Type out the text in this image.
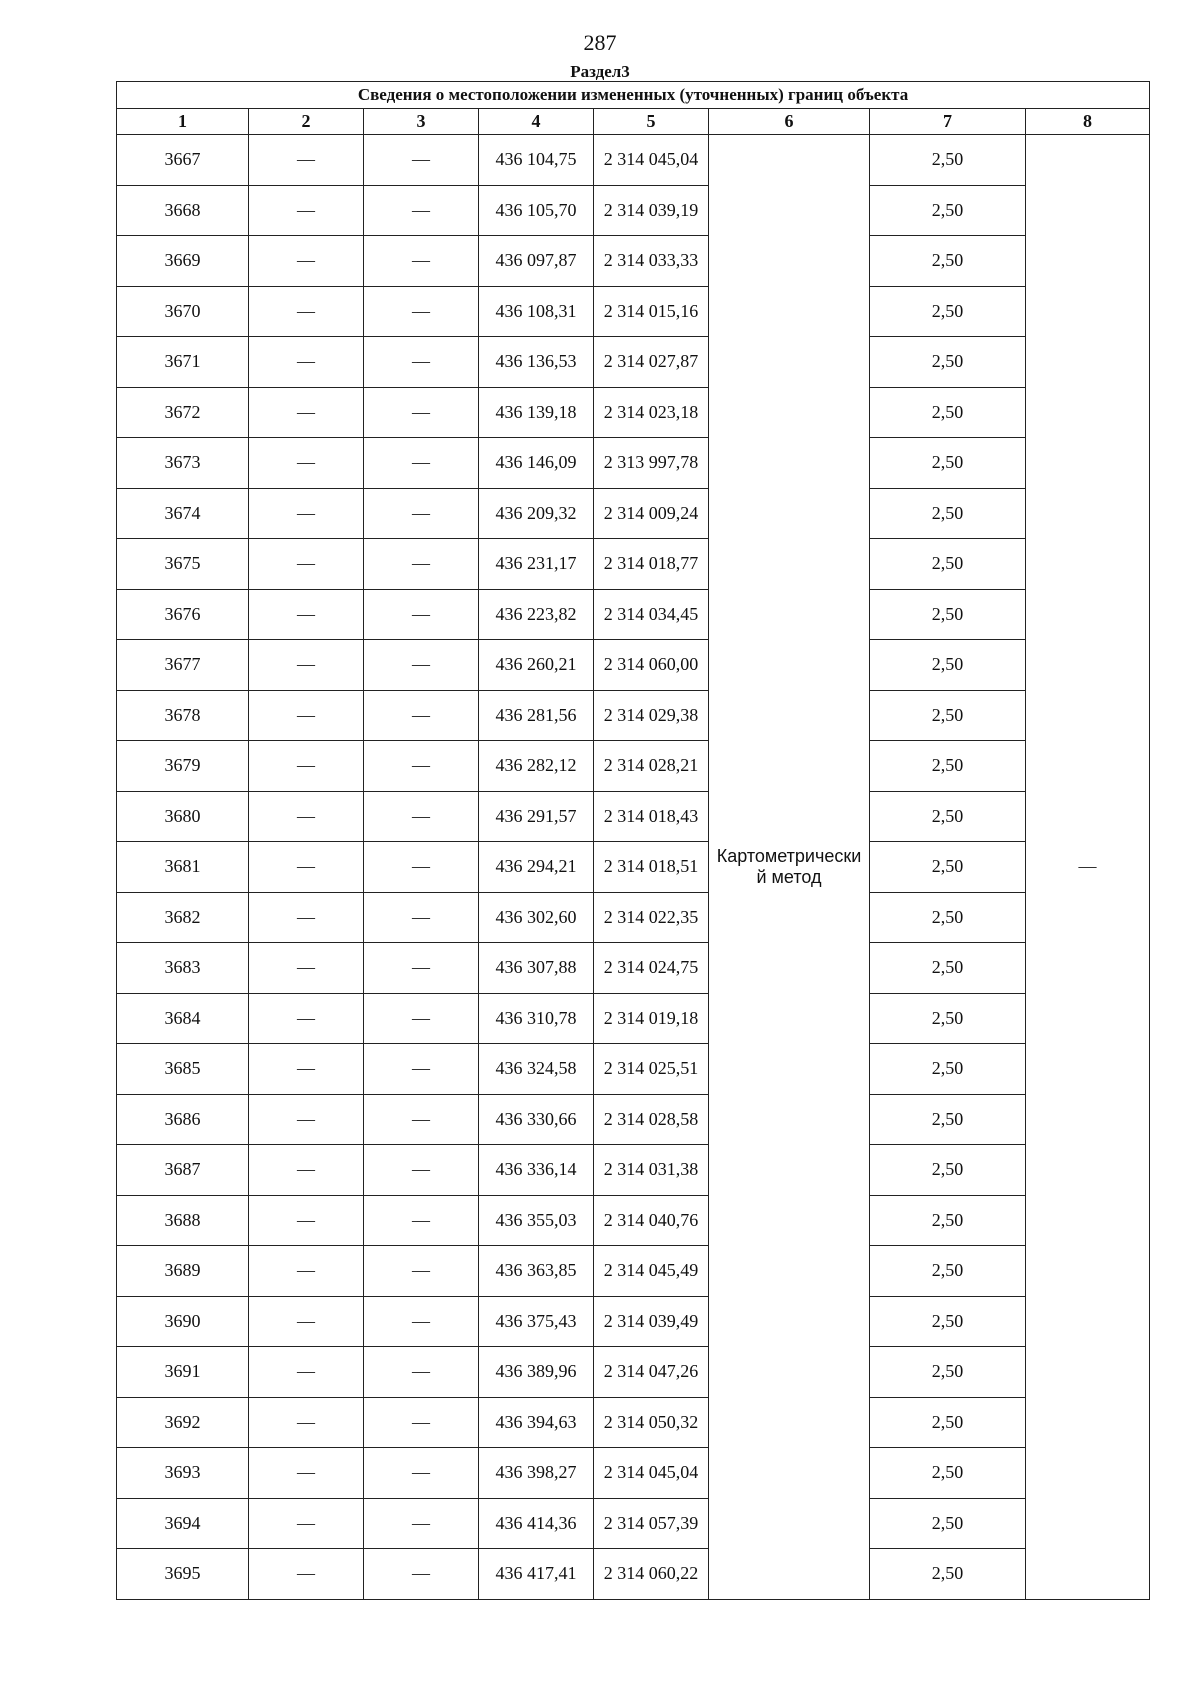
287
Раздел3
Сведения о местоположении измененных (уточненных) границ объекта							
1	2	3	4	5	6	7	8
3667	—	—	436 104,75	2 314 045,04	Картометрически й метод	2,50	—
3668	—	—	436 105,70	2 314 039,19		2,50	
3669	—	—	436 097,87	2 314 033,33		2,50	
3670	—	—	436 108,31	2 314 015,16		2,50	
3671	—	—	436 136,53	2 314 027,87		2,50	
3672	—	—	436 139,18	2 314 023,18		2,50	
3673	—	—	436 146,09	2 313 997,78		2,50	
3674	—	—	436 209,32	2 314 009,24		2,50	
3675	—	—	436 231,17	2 314 018,77		2,50	
3676	—	—	436 223,82	2 314 034,45		2,50	
3677	—	—	436 260,21	2 314 060,00		2,50	
3678	—	—	436 281,56	2 314 029,38		2,50	
3679	—	—	436 282,12	2 314 028,21		2,50	
3680	—	—	436 291,57	2 314 018,43		2,50	
3681	—	—	436 294,21	2 314 018,51		2,50	
3682	—	—	436 302,60	2 314 022,35		2,50	
3683	—	—	436 307,88	2 314 024,75		2,50	
3684	—	—	436 310,78	2 314 019,18		2,50	
3685	—	—	436 324,58	2 314 025,51		2,50	
3686	—	—	436 330,66	2 314 028,58		2,50	
3687	—	—	436 336,14	2 314 031,38		2,50	
3688	—	—	436 355,03	2 314 040,76		2,50	
3689	—	—	436 363,85	2 314 045,49		2,50	
3690	—	—	436 375,43	2 314 039,49		2,50	
3691	—	—	436 389,96	2 314 047,26		2,50	
3692	—	—	436 394,63	2 314 050,32		2,50	
3693	—	—	436 398,27	2 314 045,04		2,50	
3694	—	—	436 414,36	2 314 057,39		2,50	
3695	—	—	436 417,41	2 314 060,22		2,50	
